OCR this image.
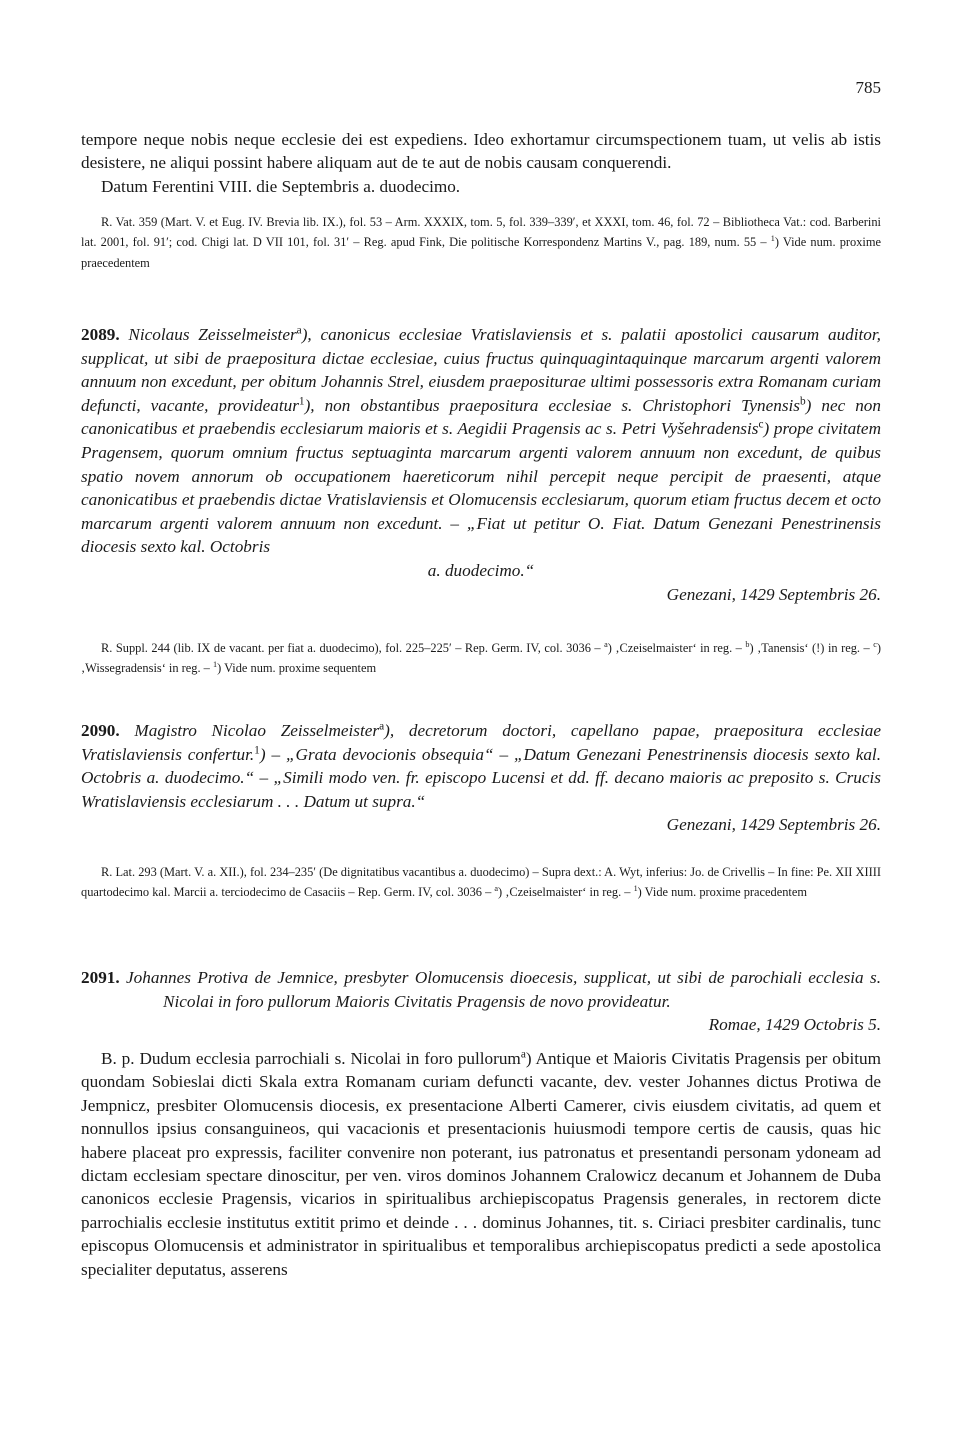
785

tempore neque nobis neque ecclesie dei est expediens. Ideo exhortamur circumspectionem tuam, ut velis ab istis desistere, ne aliqui possint habere aliquam aut de te aut de nobis causam conquerendi.

Datum Ferentini VIII. die Septembris a. duodecimo.

R. Vat. 359 (Mart. V. et Eug. IV. Brevia lib. IX.), fol. 53 – Arm. XXXIX, tom. 5, fol. 339–339′, et XXXI, tom. 46, fol. 72 – Bibliotheca Vat.: cod. Barberini lat. 2001, fol. 91′; cod. Chigi lat. D VII 101, fol. 31′ – Reg. apud Fink, Die politische Korrespondenz Martins V., pag. 189, num. 55 – $^1$) Vide num. proxime praecedentem

2089. Nicolaus Zeisselmeister$^a$), canonicus ecclesiae Vratislaviensis et s. palatii apostolici causarum auditor, supplicat, ut sibi de praepositura dictae ecclesiae, cuius fructus quinquagintaquinque marcarum argenti valorem annuum non excedunt, per obitum Johannis Strel, eiusdem praepositurae ultimi possessoris extra Romanam curiam defuncti, vacante, provideatur$^1$), non obstantibus praepositura ecclesiae s. Christophori Tynensis$^b$) nec non canonicatibus et praebendis ecclesiarum maioris et s. Aegidii Pragensis ac s. Petri Vyšehradensis$^c$) prope civitatem Pragensem, quorum omnium fructus septuaginta marcarum argenti valorem annuum non excedunt, de quibus spatio novem annorum ob occupationem haereticorum nihil percepit neque percipit de praesenti, atque canonicatibus et praebendis dictae Vratislaviensis et Olomucensis ecclesiarum, quorum etiam fructus decem et octo marcarum argenti valorem annuum non excedunt. – „Fiat ut petitur O. Fiat. Datum Genezani Penestrinensis diocesis sexto kal. Octobris

a. duodecimo.“

Genezani, 1429 Septembris 26.

R. Suppl. 244 (lib. IX de vacant. per fiat a. duodecimo), fol. 225–225′ – Rep. Germ. IV, col. 3036 – $^a$) ‚Czeiselmaister‘ in reg. – $^b$) ‚Tanensis‘ (!) in reg. – $^c$) ‚Wissegradensis‘ in reg. – $^1$) Vide num. proxime sequentem

2090. Magistro Nicolao Zeisselmeister$^a$), decretorum doctori, capellano papae, praepositura ecclesiae Vratislaviensis confertur.$^1$) – „Grata devocionis obsequia“ – „Datum Genezani Penestrinensis diocesis sexto kal. Octobris a. duodecimo.“ – „Simili modo ven. fr. episcopo Lucensi et dd. ff. decano maioris ac preposito s. Crucis Wratislaviensis ecclesiarum . . . Datum ut supra.“

Genezani, 1429 Septembris 26.

R. Lat. 293 (Mart. V. a. XII.), fol. 234–235′ (De dignitatibus vacantibus a. duodecimo) – Supra dext.: A. Wyt, inferius: Jo. de Crivellis – In fine: Pe. XII XIIII quartodecimo kal. Marcii a. terciodecimo de Casaciis – Rep. Germ. IV, col. 3036 – $^a$) ‚Czeiselmaister‘ in reg. – $^1$) Vide num. proxime pracedentem

2091. Johannes Protiva de Jemnice, presbyter Olomucensis dioecesis, supplicat, ut sibi de parochiali ecclesia s. Nicolai in foro pullorum Maioris Civitatis Pragensis de novo provideatur.

Romae, 1429 Octobris 5.

B. p. Dudum ecclesia parrochiali s. Nicolai in foro pullorum$^a$) Antique et Maioris Civitatis Pragensis per obitum quondam Sobieslai dicti Skala extra Romanam curiam defuncti vacante, dev. vester Johannes dictus Protiwa de Jempnicz, presbiter Olomucensis diocesis, ex presentacione Alberti Camerer, civis eiusdem civitatis, ad quem et nonnullos ipsius consanguineos, qui vacacionis et presentacionis huiusmodi tempore certis de causis, quas hic habere placeat pro expressis, faciliter convenire non poterant, ius patronatus et presentandi personam ydoneam ad dictam ecclesiam spectare dinoscitur, per ven. viros dominos Johannem Cralowicz decanum et Johannem de Duba canonicos ecclesie Pragensis, vicarios in spiritualibus archiepiscopatus Pragensis generales, in rectorem dicte parrochialis ecclesie institutus extitit primo et deinde . . . dominus Johannes, tit. s. Ciriaci presbiter cardinalis, tunc episcopus Olomucensis et administrator in spiritualibus et temporalibus archiepiscopatus predicti a sede apostolica specialiter deputatus, asserens
